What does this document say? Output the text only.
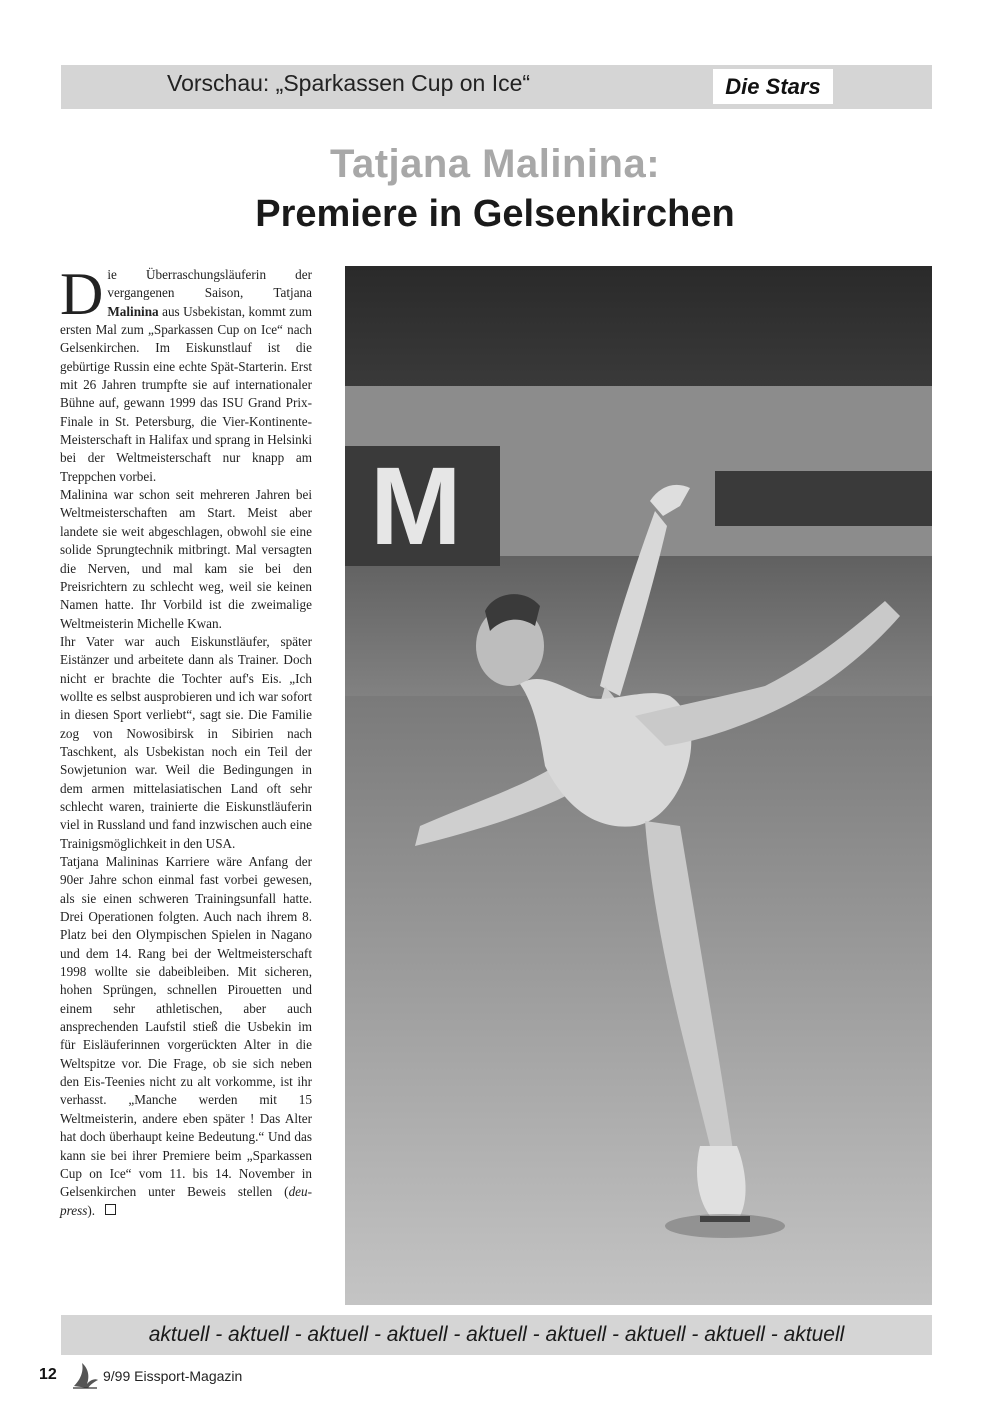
Vorschau: „Sparkassen Cup on Ice“	Die Stars
Tatjana Malinina:
Premiere in Gelsenkirchen

Die Überraschungsläuferin der vergangenen Saison, Tatjana Malinina aus Usbekistan, kommt zum ersten Mal zum „Sparkassen Cup on Ice“ nach Gelsenkirchen. Im Eiskunstlauf ist die gebürtige Russin eine echte Spät-Starterin. Erst mit 26 Jahren trumpfte sie auf internationaler Bühne auf, gewann 1999 das ISU Grand Prix-Finale in St. Petersburg, die Vier-Kontinente-Meisterschaft in Halifax und sprang in Helsinki bei der Weltmeisterschaft nur knapp am Treppchen vorbei.

Malinina war schon seit mehreren Jahren bei Weltmeisterschaften am Start. Meist aber landete sie weit abgeschlagen, obwohl sie eine solide Sprungtechnik mitbringt. Mal versagten die Nerven, und mal kam sie bei den Preisrichtern zu schlecht weg, weil sie keinen Namen hatte. Ihr Vorbild ist die zweimalige Weltmeisterin Michelle Kwan.

Ihr Vater war auch Eiskunstläufer, später Eistänzer und arbeitete dann als Trainer. Doch nicht er brachte die Tochter auf's Eis. „Ich wollte es selbst ausprobieren und ich war sofort in diesen Sport verliebt“, sagt sie. Die Familie zog von Nowosibirsk in Sibirien nach Taschkent, als Usbekistan noch ein Teil der Sowjetunion war. Weil die Bedingungen in dem armen mittelasiatischen Land oft sehr schlecht waren, trainierte die Eiskunstläuferin viel in Russland und fand inzwischen auch eine Trainigsmöglichkeit in den USA.

Tatjana Malininas Karriere wäre Anfang der 90er Jahre schon einmal fast vorbei gewesen, als sie einen schweren Trainingsunfall hatte. Drei Operationen folgten. Auch nach ihrem 8. Platz bei den Olympischen Spielen in Nagano und dem 14. Rang bei der Weltmeisterschaft 1998 wollte sie dabeibleiben. Mit sicheren, hohen Sprüngen, schnellen Pirouetten und einem sehr athletischen, aber auch ansprechenden Laufstil stieß die Usbekin im für Eisläuferinnen vorgerückten Alter in die Weltspitze vor. Die Frage, ob sie sich neben den Eis-Teenies nicht zu alt vorkomme, ist ihr verhasst. „Manche werden mit 15 Weltmeisterin, andere eben später ! Das Alter hat doch überhaupt keine Bedeutung.“ Und das kann sie bei ihrer Premiere beim „Sparkassen Cup on Ice“ vom 11. bis 14. November in Gelsenkirchen unter Beweis stellen (deu-press).

M
aktuell - aktuell - aktuell - aktuell - aktuell - aktuell - aktuell - aktuell - aktuell
12	9/99 Eissport-Magazin
